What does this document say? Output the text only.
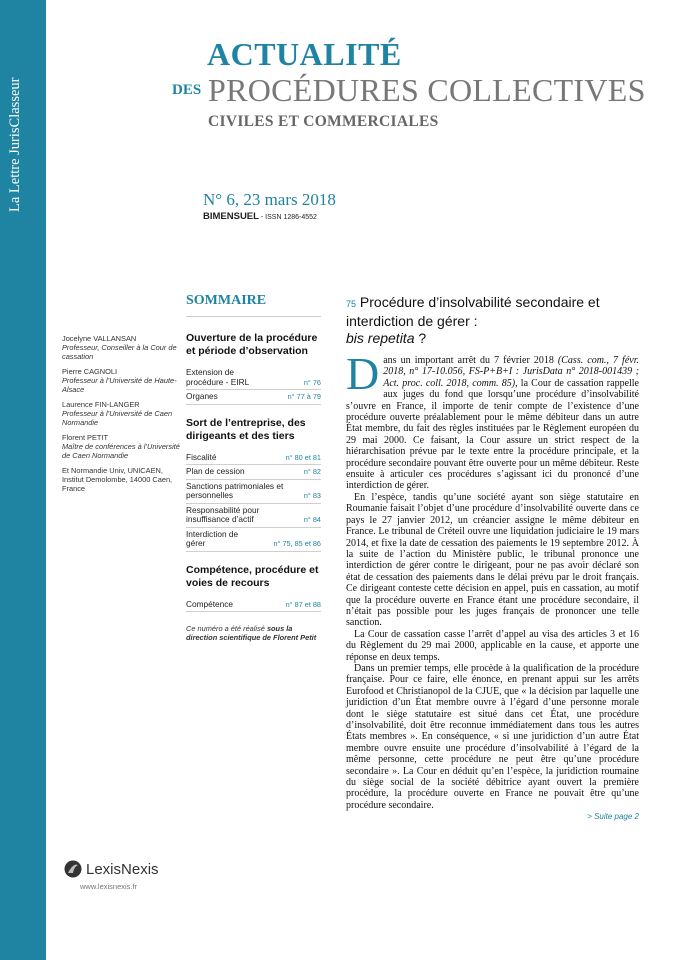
La Lettre JurisClasseur
ACTUALITÉ
DES PROCÉDURES COLLECTIVES
CIVILES ET COMMERCIALES
N° 6, 23 mars 2018
BIMENSUEL - ISSN 1286-4552
Jocelyne VALLANSAN
Professeur, Conseiller à la Cour de cassation
Pierre CAGNOLI
Professeur à l’Université de Haute-Alsace
Laurence FIN-LANGER
Professeur à l’Université de Caen Normandie
Florent PETIT
Maître de conférences à l’Université de Caen Normandie
Et Normandie Univ, UNICAEN, Institut Demolombe, 14000 Caen, France
SOMMAIRE
Ouverture de la procédure et période d’observation
Extension de procédure - EIRL	n° 76
Organes	n° 77 à 79
Sort de l’entreprise, des dirigeants et des tiers
Fiscalité	n° 80 et 81
Plan de cession	n° 82
Sanctions patrimoniales et personnelles	n° 83
Responsabilité pour insuffisance d’actif	n° 84
Interdiction de gérer	n° 75, 85 et 86
Compétence, procédure et voies de recours
Compétence	n° 87 et 88
Ce numéro a été réalisé sous la direction scientifique de Florent Petit
75 Procédure d’insolvabilité secondaire et interdiction de gérer :
bis repetita ?

Dans un important arrêt du 7 février 2018 (Cass. com., 7 févr. 2018, n° 17-10.056, FS-P+B+I : JurisData n° 2018-001439 ; Act. proc. coll. 2018, comm. 85), la Cour de cassation rappelle aux juges du fond que lorsqu’une procédure d’insolvabilité s’ouvre en France, il importe de tenir compte de l’existence d’une procédure ouverte préalablement pour le même débiteur dans un autre État membre, du fait des règles instituées par le Règlement européen du 29 mai 2000. Ce faisant, la Cour assure un strict respect de la hiérarchisation prévue par le texte entre la procédure principale, et la procédure secondaire pouvant être ouverte pour un même débiteur. Reste ensuite à articuler ces procédures s’agissant ici du prononcé d’une interdiction de gérer.

En l’espèce, tandis qu’une société ayant son siège statutaire en Roumanie faisait l’objet d’une procédure d’insolvabilité ouverte dans ce pays le 27 janvier 2012, un créancier assigne le même débiteur en France. Le tribunal de Créteil ouvre une liquidation judiciaire le 19 mars 2014, et fixe la date de cessation des paiements le 19 septembre 2012. À la suite de l’action du Ministère public, le tribunal prononce une interdiction de gérer contre le dirigeant, pour ne pas avoir déclaré son état de cessation des paiements dans le délai prévu par le droit français. Ce dirigeant conteste cette décision en appel, puis en cassation, au motif que la procédure ouverte en France étant une procédure secondaire, il n’était pas possible pour les juges français de prononcer une telle sanction.

La Cour de cassation casse l’arrêt d’appel au visa des articles 3 et 16 du Règlement du 29 mai 2000, applicable en la cause, et apporte une réponse en deux temps.

Dans un premier temps, elle procède à la qualification de la procédure française. Pour ce faire, elle énonce, en prenant appui sur les arrêts Eurofood et Christianopol de la CJUE, que « la décision par laquelle une juridiction d’un État membre ouvre à l’égard d’une personne morale dont le siège statutaire est situé dans cet État, une procédure d’insolvabilité, doit être reconnue immédiatement dans tous les autres États membres ». En conséquence, « si une juridiction d’un autre État membre ouvre ensuite une procédure d’insolvabilité à l’égard de la même personne, cette procédure ne peut être qu’une procédure secondaire ». La Cour en déduit qu’en l’espèce, la juridiction roumaine du siège social de la société débitrice ayant ouvert la première procédure, la procédure ouverte en France ne pouvait être qu’une procédure secondaire.

> Suite page 2
LexisNexis
www.lexisnexis.fr
